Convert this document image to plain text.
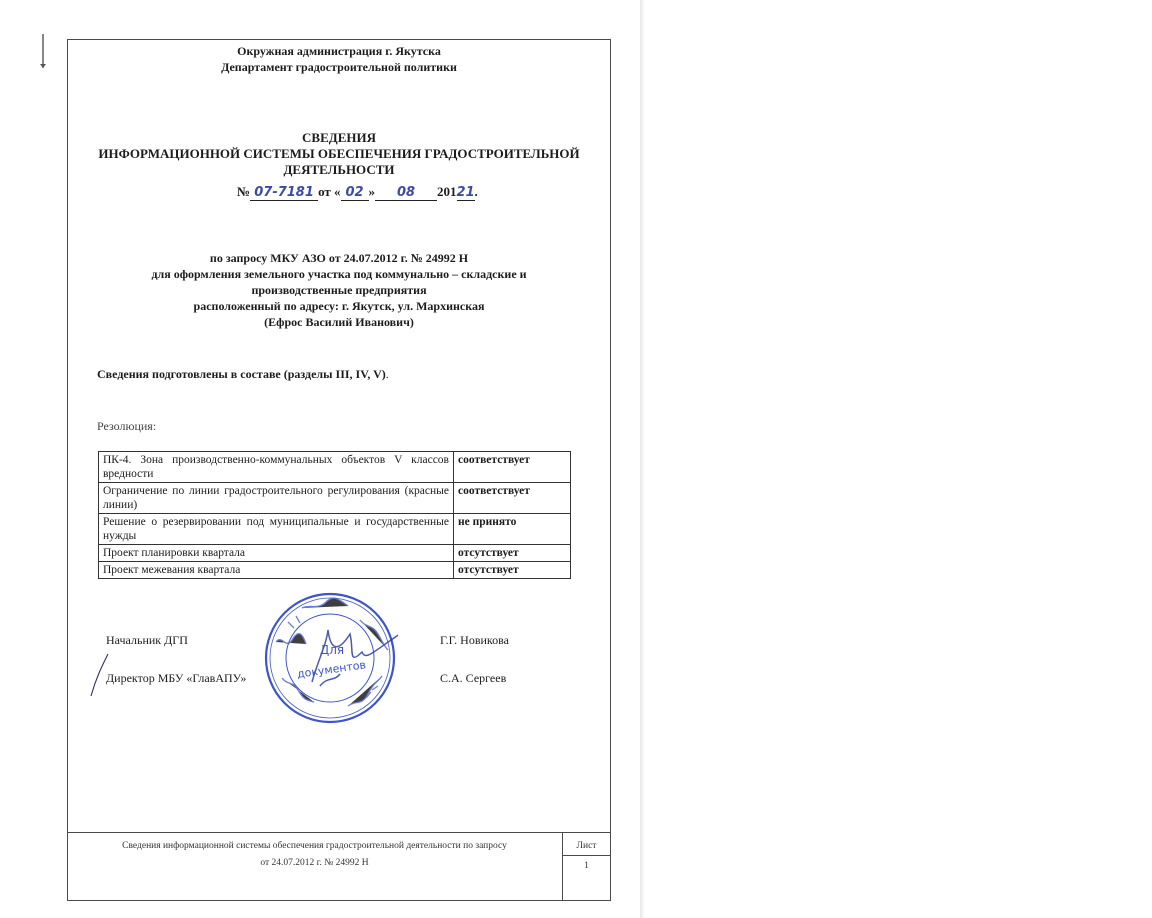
Окружная администрация г. Якутска
Департамент градостроительной политики
СВЕДЕНИЯ
ИНФОРМАЦИОННОЙ СИСТЕМЫ ОБЕСПЕЧЕНИЯ ГРАДОСТРОИТЕЛЬНОЙ
ДЕЯТЕЛЬНОСТИ
№ 07-7181 от « 02 » 08 20121.
по запросу МКУ АЗО от 24.07.2012 г. № 24992 Н
для оформления земельного участка под коммунально – складские и
производственные предприятия
расположенный по адресу: г. Якутск, ул. Мархинская
(Ефрос Василий Иванович)
Сведения подготовлены в составе (разделы III, IV, V).
Резолюция:
ПК-4. Зона производственно-коммунальных объектов V классов вредности	соответствует
Ограничение по линии градостроительного регулирования (красные линии)	соответствует
Решение о резервировании под муниципальные и государственные нужды	не принято
Проект планировки квартала	отсутствует
Проект межевания квартала	отсутствует
Начальник ДГП	Г.Г. Новикова
Директор МБУ «ГлавАПУ»	С.А. Сергеев
Для
документов
Сведения информационной системы обеспечения градостроительной деятельности по запросу
от 24.07.2012 г. № 24992 Н
Лист
1
